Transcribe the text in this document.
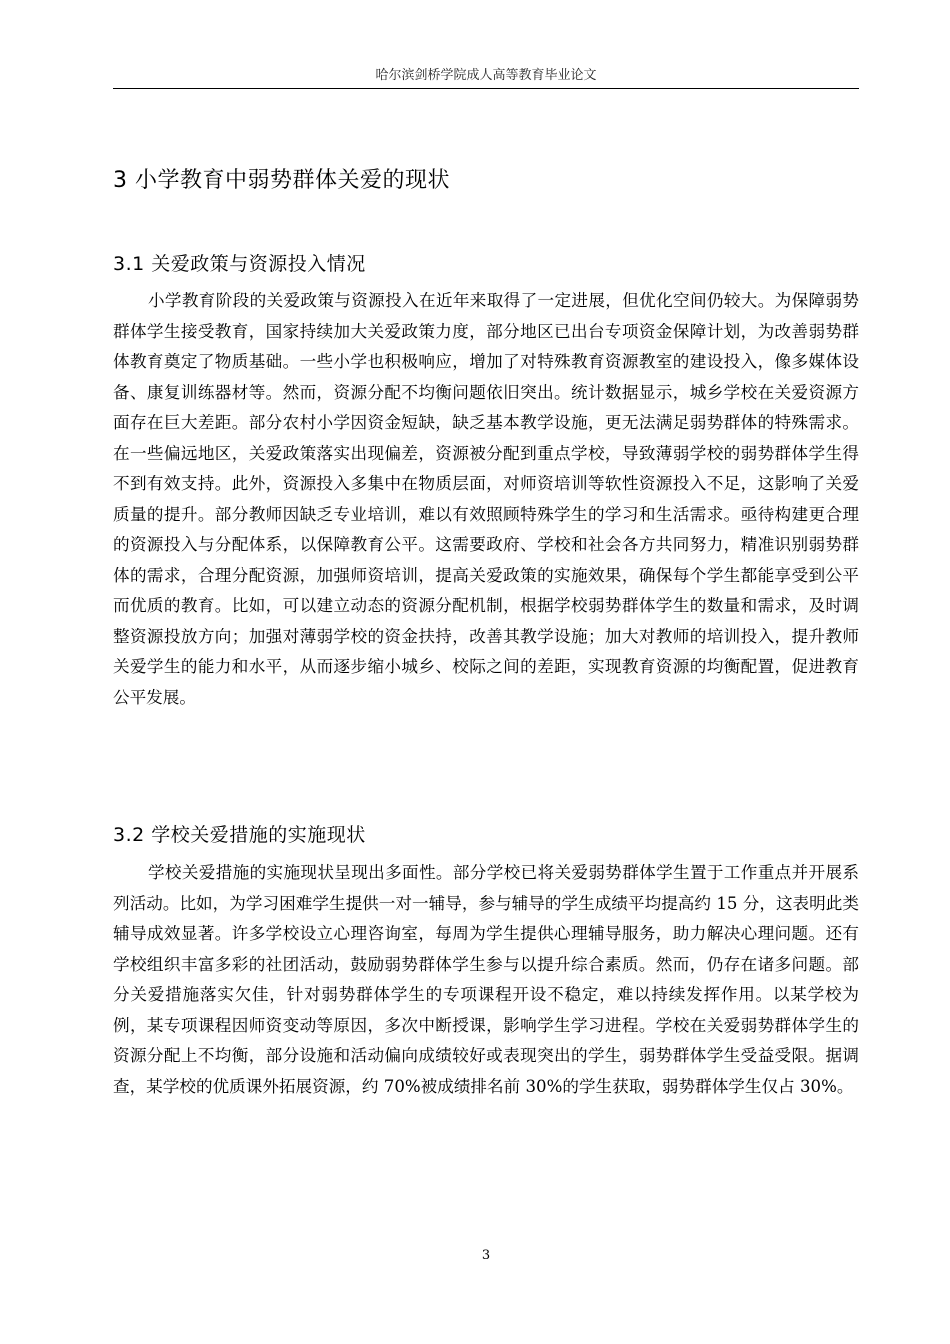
哈尔滨剑桥学院成人高等教育毕业论文
3 小学教育中弱势群体关爱的现状
3.1 关爱政策与资源投入情况

小学教育阶段的关爱政策与资源投入在近年来取得了一定进展，但优化空间仍较大。为保障弱势群体学生接受教育，国家持续加大关爱政策力度，部分地区已出台专项资金保障计划，为改善弱势群体教育奠定了物质基础。一些小学也积极响应，增加了对特殊教育资源教室的建设投入，像多媒体设备、康复训练器材等。然而，资源分配不均衡问题依旧突出。统计数据显示，城乡学校在关爱资源方面存在巨大差距。部分农村小学因资金短缺，缺乏基本教学设施，更无法满足弱势群体的特殊需求。在一些偏远地区，关爱政策落实出现偏差，资源被分配到重点学校，导致薄弱学校的弱势群体学生得不到有效支持。此外，资源投入多集中在物质层面，对师资培训等软性资源投入不足，这影响了关爱质量的提升。部分教师因缺乏专业培训，难以有效照顾特殊学生的学习和生活需求。亟待构建更合理的资源投入与分配体系，以保障教育公平。这需要政府、学校和社会各方共同努力，精准识别弱势群体的需求，合理分配资源，加强师资培训，提高关爱政策的实施效果，确保每个学生都能享受到公平而优质的教育。比如，可以建立动态的资源分配机制，根据学校弱势群体学生的数量和需求，及时调整资源投放方向；加强对薄弱学校的资金扶持，改善其教学设施；加大对教师的培训投入，提升教师关爱学生的能力和水平，从而逐步缩小城乡、校际之间的差距，实现教育资源的均衡配置，促进教育公平发展。

3.2 学校关爱措施的实施现状

学校关爱措施的实施现状呈现出多面性。部分学校已将关爱弱势群体学生置于工作重点并开展系列活动。比如，为学习困难学生提供一对一辅导，参与辅导的学生成绩平均提高约 15 分，这表明此类辅导成效显著。许多学校设立心理咨询室，每周为学生提供心理辅导服务，助力解决心理问题。还有学校组织丰富多彩的社团活动，鼓励弱势群体学生参与以提升综合素质。然而，仍存在诸多问题。部分关爱措施落实欠佳，针对弱势群体学生的专项课程开设不稳定，难以持续发挥作用。以某学校为例，某专项课程因师资变动等原因，多次中断授课，影响学生学习进程。学校在关爱弱势群体学生的资源分配上不均衡，部分设施和活动偏向成绩较好或表现突出的学生，弱势群体学生受益受限。据调查，某学校的优质课外拓展资源，约 70%被成绩排名前 30%的学生获取，弱势群体学生仅占 30%。

3
